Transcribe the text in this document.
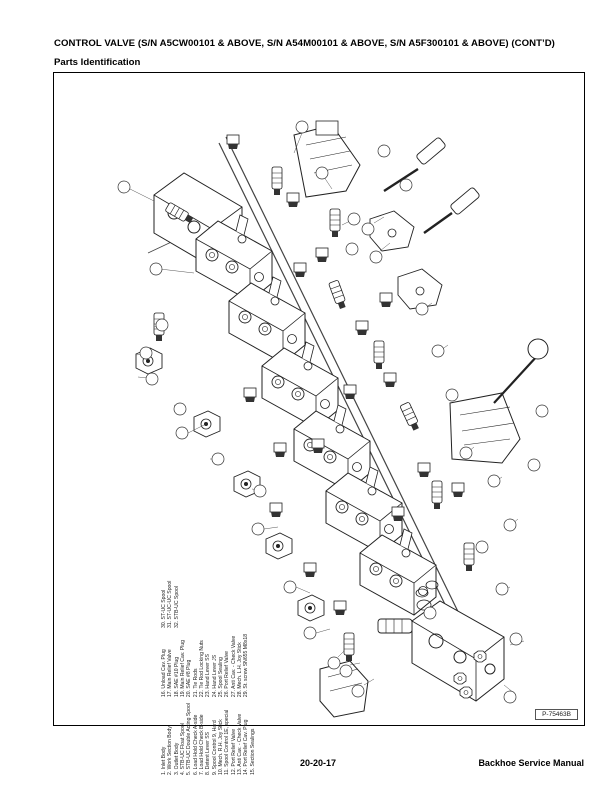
CONTROL VALVE (S/N A5CW00101 & ABOVE, S/N A54M00101 & ABOVE, S/N A5F300101 & ABOVE) (CONT’D)
Parts Identification
1. Inlet Body 2. Work Section Body 3. Outlet Body 4. STB-UC Float Spool 5. STB-UC Double Acting Spool 6. Load Hold Check A-side 7. Load Hold Check B-side 8. Detent Lever SS 9. Spool Control 9, Hard 10. Mech. R.H. Joy Stick 11. Spool Control 1E, special 12. Port Relief Valve 13. Anti Cav. - Check Valve 14. Port Relief Cav. Plug 15. Section Sealings
16. Unload Cav. Plug 17. Main Relief Valve 18. SAE #10 Plug 19. Main Relief Cav. Plug 20. SAE #8 Plug 21. Tie Rods 22. Tie Rod Locking Nuts 23. Hand Lever SS 24. Hand Lever JS 25. Spool Sealing 26. Port Relief Valve 27. Anti Cav. - Check Valve 28. Mech. L.H. Joy Stick 29. St. screw SN655 M8x18
30. ST-UC Spool 31. ST-UC-UC Spool 32. STB-UC Spool
P-75463B
20-20-17	Backhoe Service Manual
